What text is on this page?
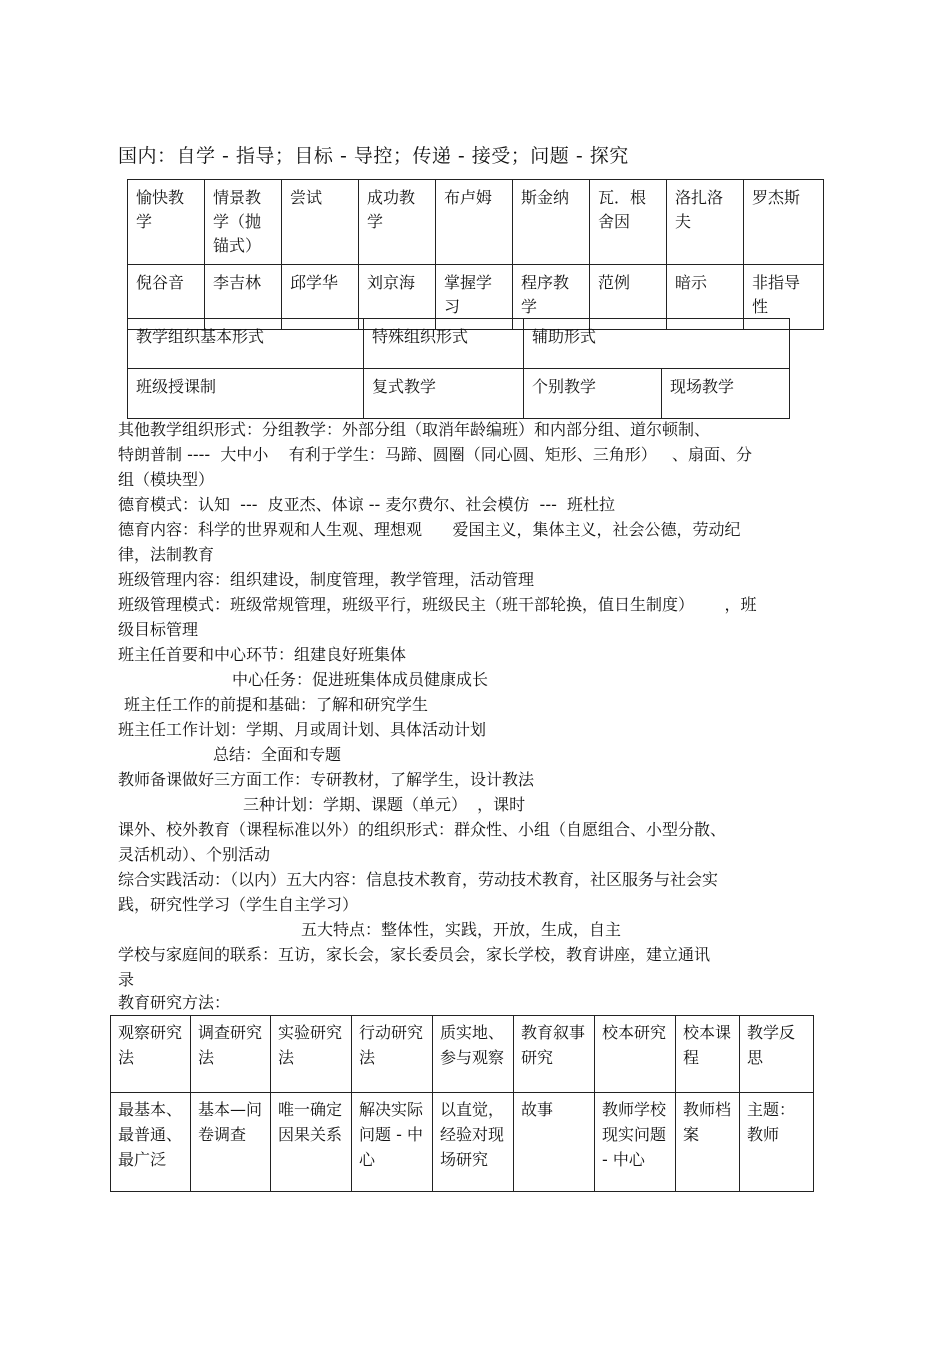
国内：自学 - 指导；目标 - 导控；传递 - 接受；问题 - 探究
愉快教学	情景教学（抛锚式）	尝试	成功教学	布卢姆	斯金纳	瓦．根舍因	洛扎洛夫	罗杰斯
倪谷音	李吉林	邱学华	刘京海	掌握学习	程序教学	范例	暗示	非指导性
教学组织基本形式	特殊组织形式	辅助形式	
班级授课制	复式教学	个别教学	现场教学
其他教学组织形式：分组教学：外部分组（取消年龄编班）和内部分组、道尔顿制、
特朗普制 ----  大中小    有利于学生：马蹄、圆圈（同心圆、矩形、三角形）   、扇面、分
组（模块型）
德育模式：认知  ---  皮亚杰、体谅 -- 麦尔费尔、社会模仿  ---  班杜拉
德育内容：科学的世界观和人生观、理想观      爱国主义，集体主义，社会公德，劳动纪
律，法制教育
班级管理内容：组织建设，制度管理，教学管理，活动管理
班级管理模式：班级常规管理，班级平行，班级民主（班干部轮换，值日生制度）      ，班
级目标管理
班主任首要和中心环节：组建良好班集体
中心任务：促进班集体成员健康成长
班主任工作的前提和基础：了解和研究学生
班主任工作计划：学期、月或周计划、具体活动计划
总结：全面和专题
教师备课做好三方面工作：专研教材，了解学生，设计教法
三种计划：学期、课题（单元）  ，课时
课外、校外教育（课程标准以外）的组织形式：群众性、小组（自愿组合、小型分散、
灵活机动）、个别活动
综合实践活动：（以内）五大内容：信息技术教育，劳动技术教育，社区服务与社会实
践，研究性学习（学生自主学习）
五大特点：整体性，实践，开放，生成，自主
学校与家庭间的联系：互访，家长会，家长委员会，家长学校，教育讲座，建立通讯
录
教育研究方法：
观察研究法	调查研究法	实验研究法	行动研究法	质实地、参与观察	教育叙事研究	校本研究	校本课程	教学反思
最基本、最普通、最广泛	基本—问卷调查	唯一确定因果关系	解决实际问题 - 中心	以直觉，经验对现场研究	故事	教师学校现实问题 - 中心	教师档案	主题：教师
